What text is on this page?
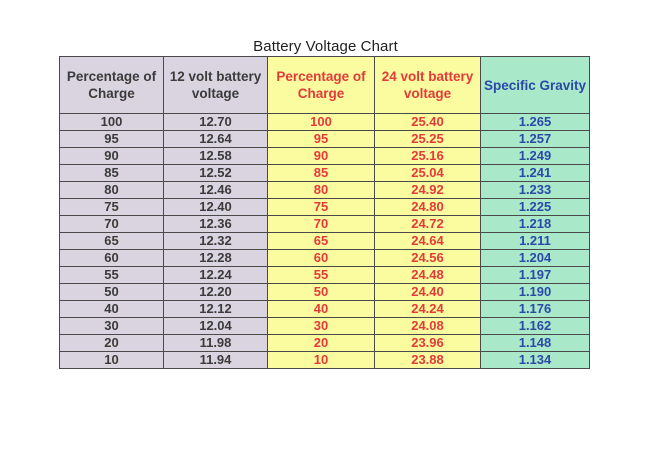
Battery Voltage Chart
Percentage of Charge	12 volt battery voltage	Percentage of Charge	24 volt battery voltage	Specific Gravity
100	12.70	100	25.40	1.265
95	12.64	95	25.25	1.257
90	12.58	90	25.16	1.249
85	12.52	85	25.04	1.241
80	12.46	80	24.92	1.233
75	12.40	75	24.80	1.225
70	12.36	70	24.72	1.218
65	12.32	65	24.64	1.211
60	12.28	60	24.56	1.204
55	12.24	55	24.48	1.197
50	12.20	50	24.40	1.190
40	12.12	40	24.24	1.176
30	12.04	30	24.08	1.162
20	11.98	20	23.96	1.148
10	11.94	10	23.88	1.134
